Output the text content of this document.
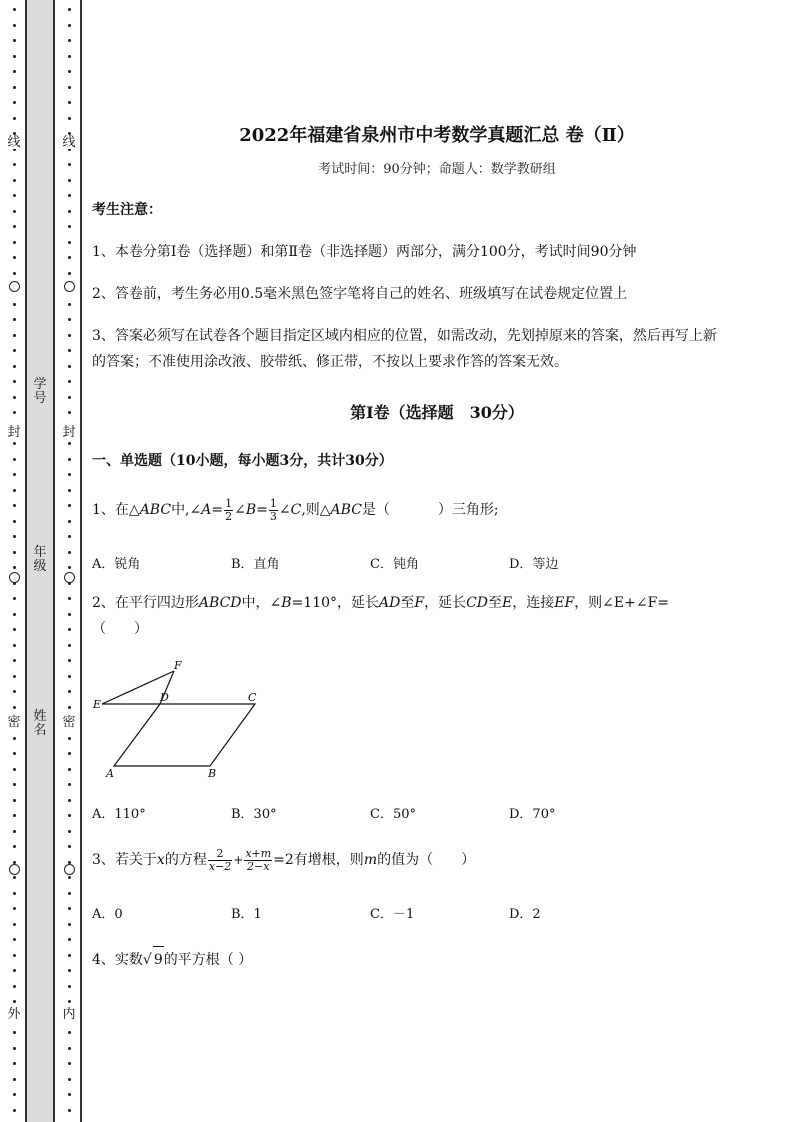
线
封
密
外
线
封
密
内
学 号
年 级
姓 名
2022年福建省泉州市中考数学真题汇总 卷（Ⅱ）
考试时间：90分钟；命题人：数学教研组
考生注意：
1、本卷分第Ⅰ卷（选择题）和第Ⅱ卷（非选择题）两部分，满分100分，考试时间90分钟
2、答卷前，考生务必用0.5毫米黑色签字笔将自己的姓名、班级填写在试卷规定位置上
3、答案必须写在试卷各个题目指定区域内相应的位置，如需改动，先划掉原来的答案，然后再写上新
的答案；不准使用涂改液、胶带纸、修正带，不按以上要求作答的答案无效。
第Ⅰ卷（选择题　30分）
一、单选题（10小题，每小题3分，共计30分）
1、在△ABC中,∠A= $\frac{1}{2}$ ∠B= $\frac{1}{3}$ ∠C,则△ABC是（	）三角形;
A．锐角	B．直角	C．钝角	D．等边
2、在平行四边形ABCD中，∠B=110°，延长AD至F，延长CD至E，连接EF，则∠E+∠F=
（　　）
A	B
C
D
E
F
A．110°	B．30°	C．50°	D．70°
3、若关于x的方程 $\frac{2}{x-2} + \frac{x+m}{2-x} =2$有增根，则m的值为（　　）
A．0	B．1	C．－1	D．2
4、实数√ 9的平方根（ ）
